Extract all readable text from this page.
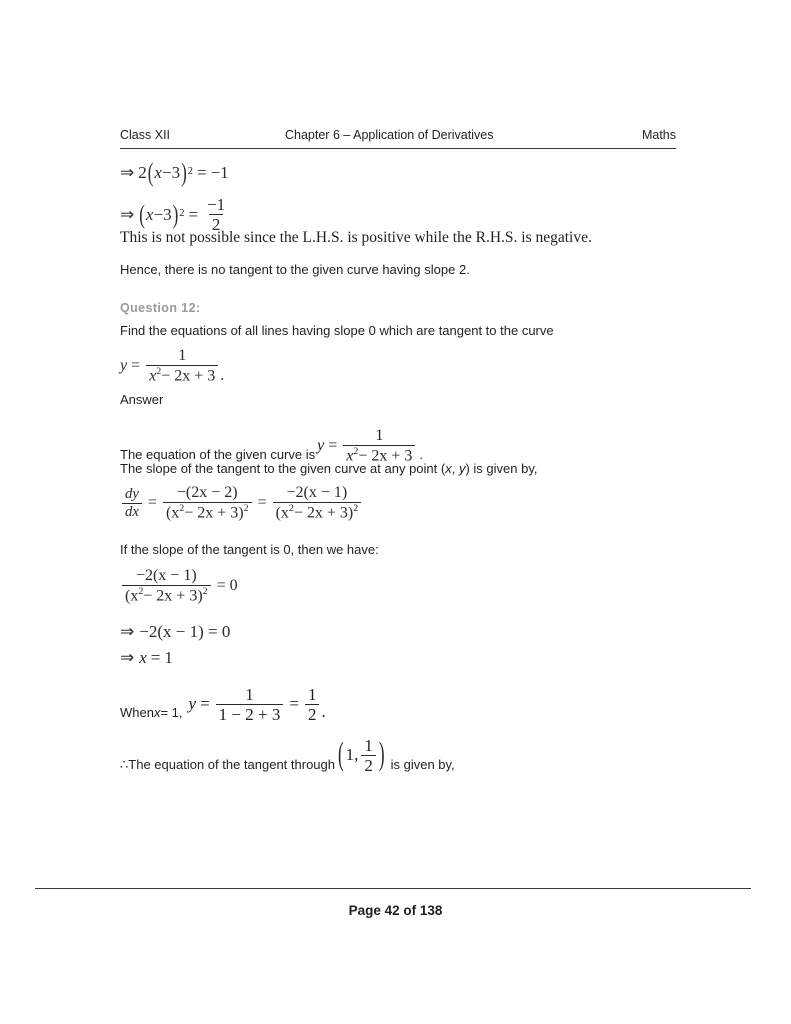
Class XII	Chapter 6 – Application of Derivatives	Maths
⇒ 2 ( x − 3 ) 2 = −1
⇒ ( x − 3 ) $2 = \frac{-1}{2}$
This is not possible since the L.H.S. is positive while the R.H.S. is negative.
Hence, there is no tangent to the given curve having slope 2.
Question 12:
Find the equations of all lines having slope 0 which are tangent to the curve
$y = \frac{1}{x^2- 2x + 3}$ .
Answer
The equation of the given curve is
$y = \frac{1}{x^2- 2x + 3}$ .
The slope of the tangent to the given curve at any point (x, y) is given by,
$\frac{dy}{dx} = \frac{-(2x - 2)}{(x^2- 2x + 3)^2} = \frac{-2(x - 1)}{(x^2- 2x + 3)^2}$
If the slope of the tangent is 0, then we have:
$\frac{-2(x - 1)}{(x^2- 2x + 3)^2} = 0$
⇒ −2(x − 1) = 0
⇒ x = 1
When x = 1, $y = \frac{1}{1 - 2 + 3} = \frac{1}{2}$ .
∴ The equation of the tangent through ( 1, $\frac{1}{2}$ ) is given by,
Page 42 of 138
